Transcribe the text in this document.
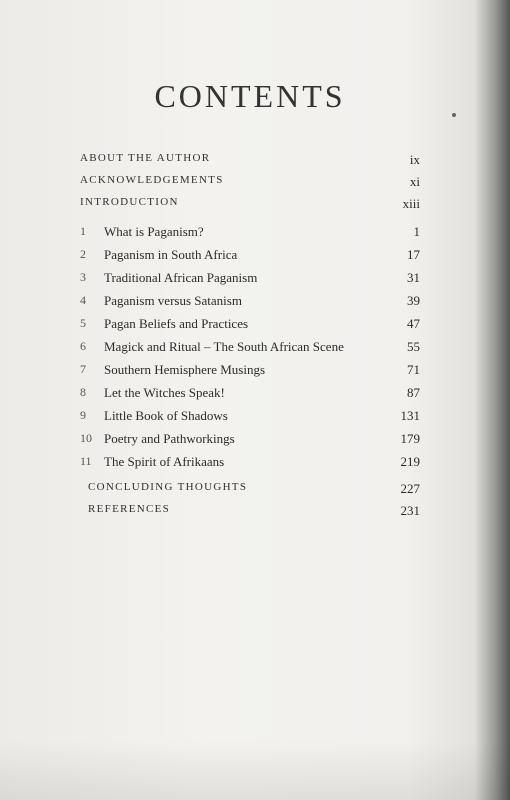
CONTENTS
ABOUT THE AUTHOR	ix
ACKNOWLEDGEMENTS	xi
INTRODUCTION	xiii
1	What is Paganism?	1
2	Paganism in South Africa	17
3	Traditional African Paganism	31
4	Paganism versus Satanism	39
5	Pagan Beliefs and Practices	47
6	Magick and Ritual – The South African Scene	55
7	Southern Hemisphere Musings	71
8	Let the Witches Speak!	87
9	Little Book of Shadows	131
10 Poetry and Pathworkings	179
11 The Spirit of Afrikaans	219
CONCLUDING THOUGHTS	227
REFERENCES	231
